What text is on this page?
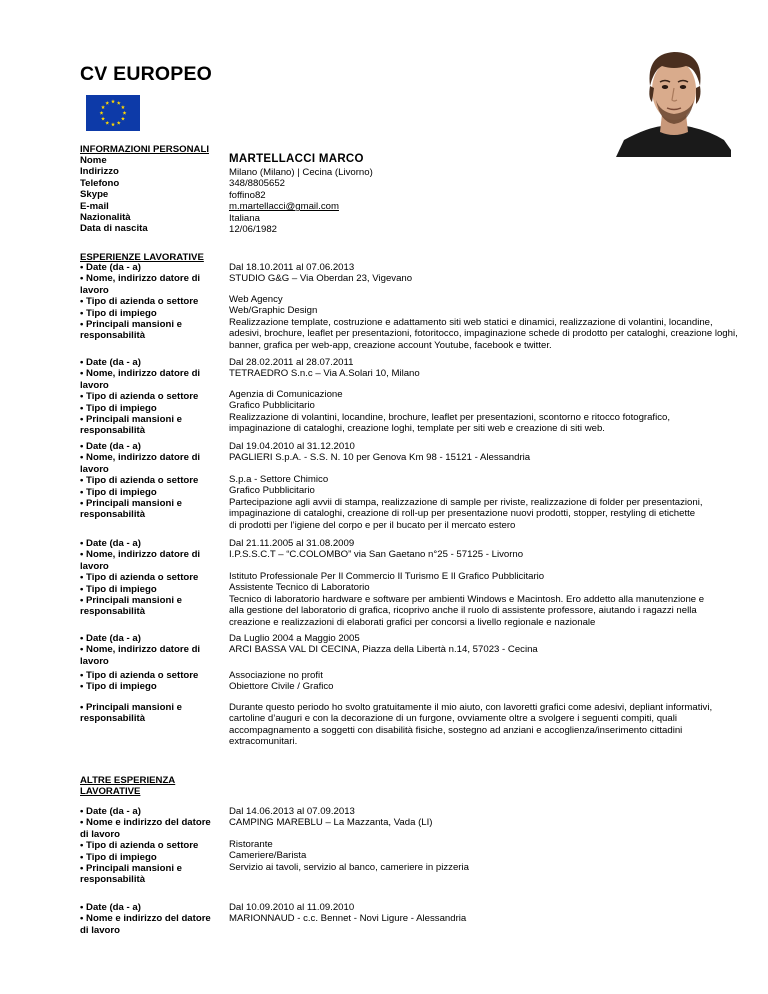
CV EUROPEO
INFORMAZIONI PERSONALI
Nome
Indirizzo
Telefono
Skype
E-mail
Nazionalità
Data di nascita
MARTELLACCI MARCO
Milano (Milano) | Cecina (Livorno)
348/8805652
foffino82
m.martellacci@gmail.com
Italiana
12/06/1982
ESPERIENZE LAVORATIVE
• Date (da - a)
• Nome, indirizzo datore di
lavoro
• Tipo di azienda o settore
• Tipo di impiego
• Principali mansioni e
responsabilità
Dal 18.10.2011 al 07.06.2013
STUDIO G&G – Via Oberdan 23, Vigevano
Web Agency
Web/Graphic Design
Realizzazione template, costruzione e adattamento siti web statici e dinamici, realizzazione di volantini, locandine,
adesivi, brochure, leaflet per presentazioni, fotoritocco, impaginazione schede di prodotto per cataloghi, creazione loghi,
banner, grafica per web-app, creazione account Youtube, facebook e twitter.
• Date (da - a)
• Nome, indirizzo datore di
lavoro
• Tipo di azienda o settore
• Tipo di impiego
• Principali mansioni e
responsabilità
Dal 28.02.2011 al 28.07.2011
TETRAEDRO S.n.c – Via A.Solari 10, Milano
Agenzia di Comunicazione
Grafico Pubblicitario
Realizzazione di volantini, locandine, brochure, leaflet per presentazioni, scontorno e ritocco fotografico,
impaginazione di cataloghi, creazione loghi, template per siti web e creazione di siti web.
• Date (da - a)
• Nome, indirizzo datore di
lavoro
• Tipo di azienda o settore
• Tipo di impiego
• Principali mansioni e
responsabilità
Dal 19.04.2010 al 31.12.2010
PAGLIERI S.p.A. - S.S. N. 10 per Genova Km 98 - 15121 - Alessandria
S.p.a - Settore Chimico
Grafico Pubblicitario
Partecipazione agli avvii di stampa, realizzazione di sample per riviste, realizzazione di folder per presentazioni,
impaginazione di cataloghi, creazione di roll-up per presentazione nuovi prodotti, stopper, restyling di etichette
di prodotti per l’igiene del corpo e per il bucato per il mercato estero
• Date (da - a)
• Nome, indirizzo datore di
lavoro
• Tipo di azienda o settore
• Tipo di impiego
• Principali mansioni e
responsabilità
Dal 21.11.2005 al 31.08.2009
I.P.S.S.C.T – “C.COLOMBO” via San Gaetano n°25 - 57125 - Livorno
Istituto Professionale Per Il Commercio Il Turismo E Il Grafico Pubblicitario
Assistente Tecnico di Laboratorio
Tecnico di laboratorio hardware e software per ambienti Windows e Macintosh. Ero addetto alla manutenzione e
alla gestione del laboratorio di grafica, ricoprivo anche il ruolo di assistente professore, aiutando i ragazzi nella
creazione e realizzazioni di elaborati grafici per concorsi a livello regionale e nazionale
• Date (da - a)
• Nome, indirizzo datore di
lavoro
Da Luglio 2004 a Maggio 2005
ARCI BASSA VAL DI CECINA, Piazza della Libertà n.14, 57023 - Cecina
• Tipo di azienda o settore
• Tipo di impiego
Associazione no profit
Obiettore Civile / Grafico
• Principali mansioni e
responsabilità
Durante questo periodo ho svolto gratuitamente il mio aiuto, con lavoretti grafici come adesivi, depliant informativi,
cartoline d’auguri e con la decorazione di un furgone, ovviamente oltre a svolgere i seguenti compiti, quali
accompagnamento a soggetti con disabilità fisiche, sostegno ad anziani e accoglienza/inserimento cittadini
extracomunitari.
ALTRE ESPERIENZA
LAVORATIVE
• Date (da - a)
• Nome e indirizzo del datore
di lavoro
• Tipo di azienda o settore
• Tipo di impiego
• Principali mansioni e
responsabilità
Dal 14.06.2013 al 07.09.2013
CAMPING MAREBLU – La Mazzanta, Vada (LI)
Ristorante
Cameriere/Barista
Servizio ai tavoli, servizio al banco, cameriere in pizzeria
• Date (da - a)
• Nome e indirizzo del datore
di lavoro
Dal 10.09.2010 al 11.09.2010
MARIONNAUD - c.c. Bennet - Novi Ligure - Alessandria
